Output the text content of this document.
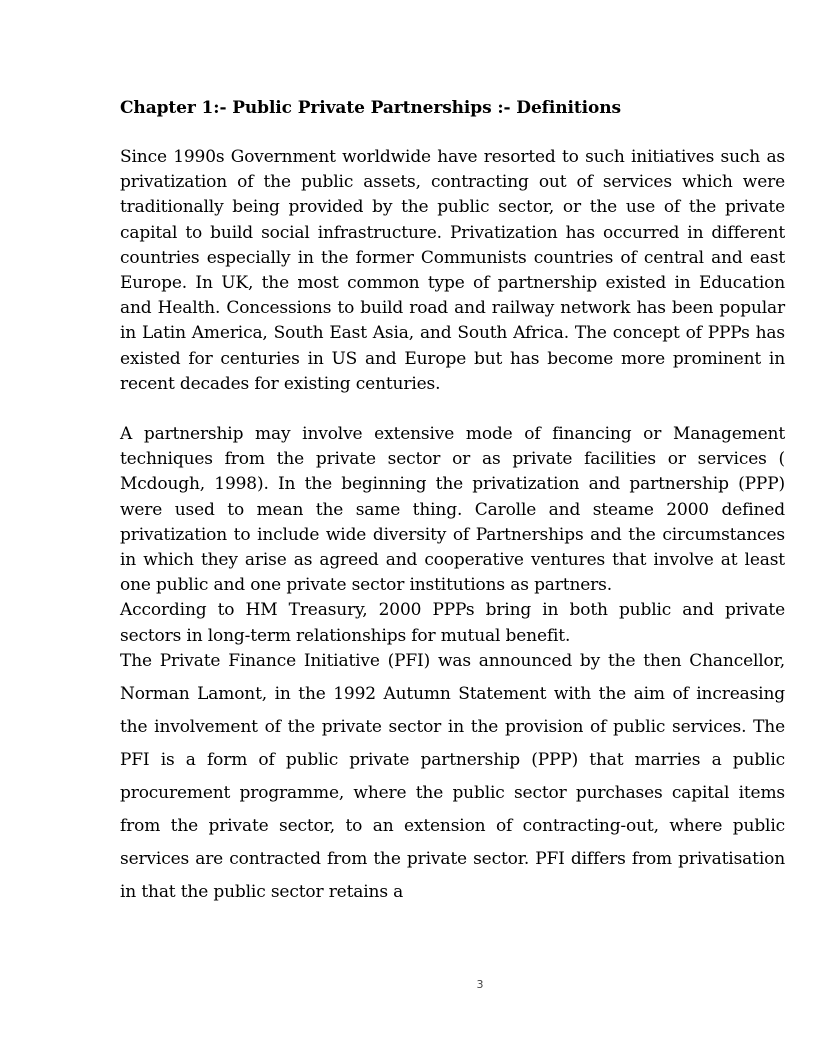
Chapter 1:- Public Private Partnerships :- Definitions

Since 1990s Government worldwide have resorted to such initiatives such as privatization of the public assets, contracting out of services which were traditionally being provided by the public sector, or the use of the private capital to build social infrastructure. Privatization has occurred in different countries especially in the former Communists countries of central and east Europe. In UK, the most common type of partnership existed in Education and Health. Concessions to build road and railway network has been popular in Latin America, South East Asia, and South Africa. The concept of PPPs has existed for centuries in US and Europe but has become more prominent in recent decades for existing centuries.

A partnership may involve extensive mode of financing or Management techniques from the private sector or as private facilities or services ( Mcdough, 1998). In the beginning the privatization and partnership (PPP) were used to mean the same thing. Carolle and steame 2000 defined privatization to include wide diversity of Partnerships and the circumstances in which they arise as agreed and cooperative ventures that involve at least one public and one private sector institutions as partners.

According to HM Treasury, 2000 PPPs bring in both public and private sectors in long-term relationships for mutual benefit.

The Private Finance Initiative (PFI) was announced by the then Chancellor, Norman Lamont, in the 1992 Autumn Statement with the aim of increasing the involvement of the private sector in the provision of public services. The PFI is a form of public private partnership (PPP) that marries a public procurement programme, where the public sector purchases capital items from the private sector, to an extension of contracting-out, where public services are contracted from the private sector. PFI differs from privatisation in that the public sector retains a

3
